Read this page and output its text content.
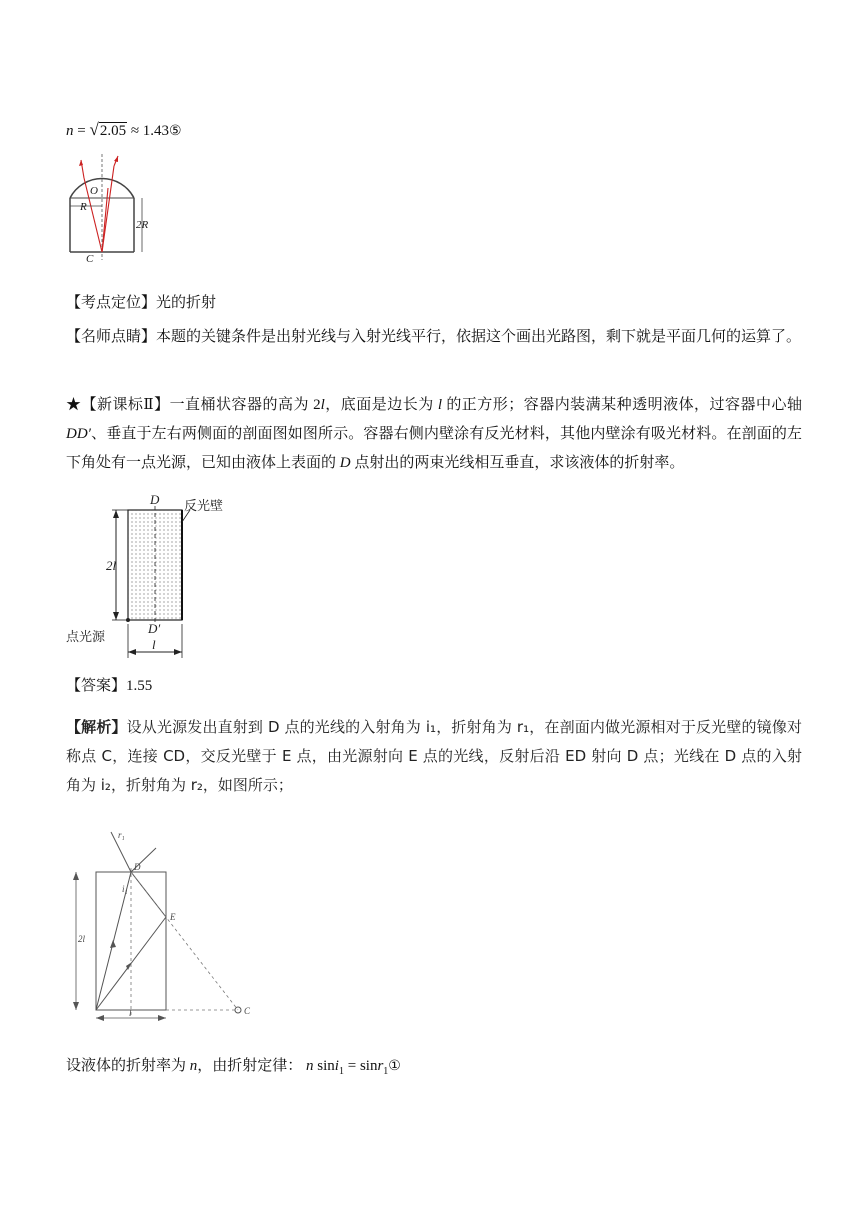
n = √2.05 ≈ 1.43⑤
O
R
2R
C
【考点定位】光的折射
【名师点睛】本题的关键条件是出射光线与入射光线平行，依据这个画出光路图，剩下就是平面几何的运算了。
★【新课标Ⅱ】一直桶状容器的高为 2l，底面是边长为 l 的正方形；容器内装满某种透明液体，过容器中心轴 DD′、垂直于左右两侧面的剖面图如图所示。容器右侧内壁涂有反光材料，其他内壁涂有吸光材料。在剖面的左下角处有一点光源，已知由液体上表面的 D 点射出的两束光线相互垂直，求该液体的折射率。
D 反光壁
2l
D′
点光源	l
【答案】1.55
【解析】设从光源发出直射到 D 点的光线的入射角为 i₁，折射角为 r₁，在剖面内做光源相对于反光壁的镜像对称点 C，连接 CD，交反光壁于 E 点，由光源射向 E 点的光线，反射后沿 ED 射向 D 点；光线在 D 点的入射角为 i₂，折射角为 r₂，如图所示；
r₁
D
i₁
E
2l
C
l
设液体的折射率为 n，由折射定律： n sini$_1$ = sinr$_1$①
